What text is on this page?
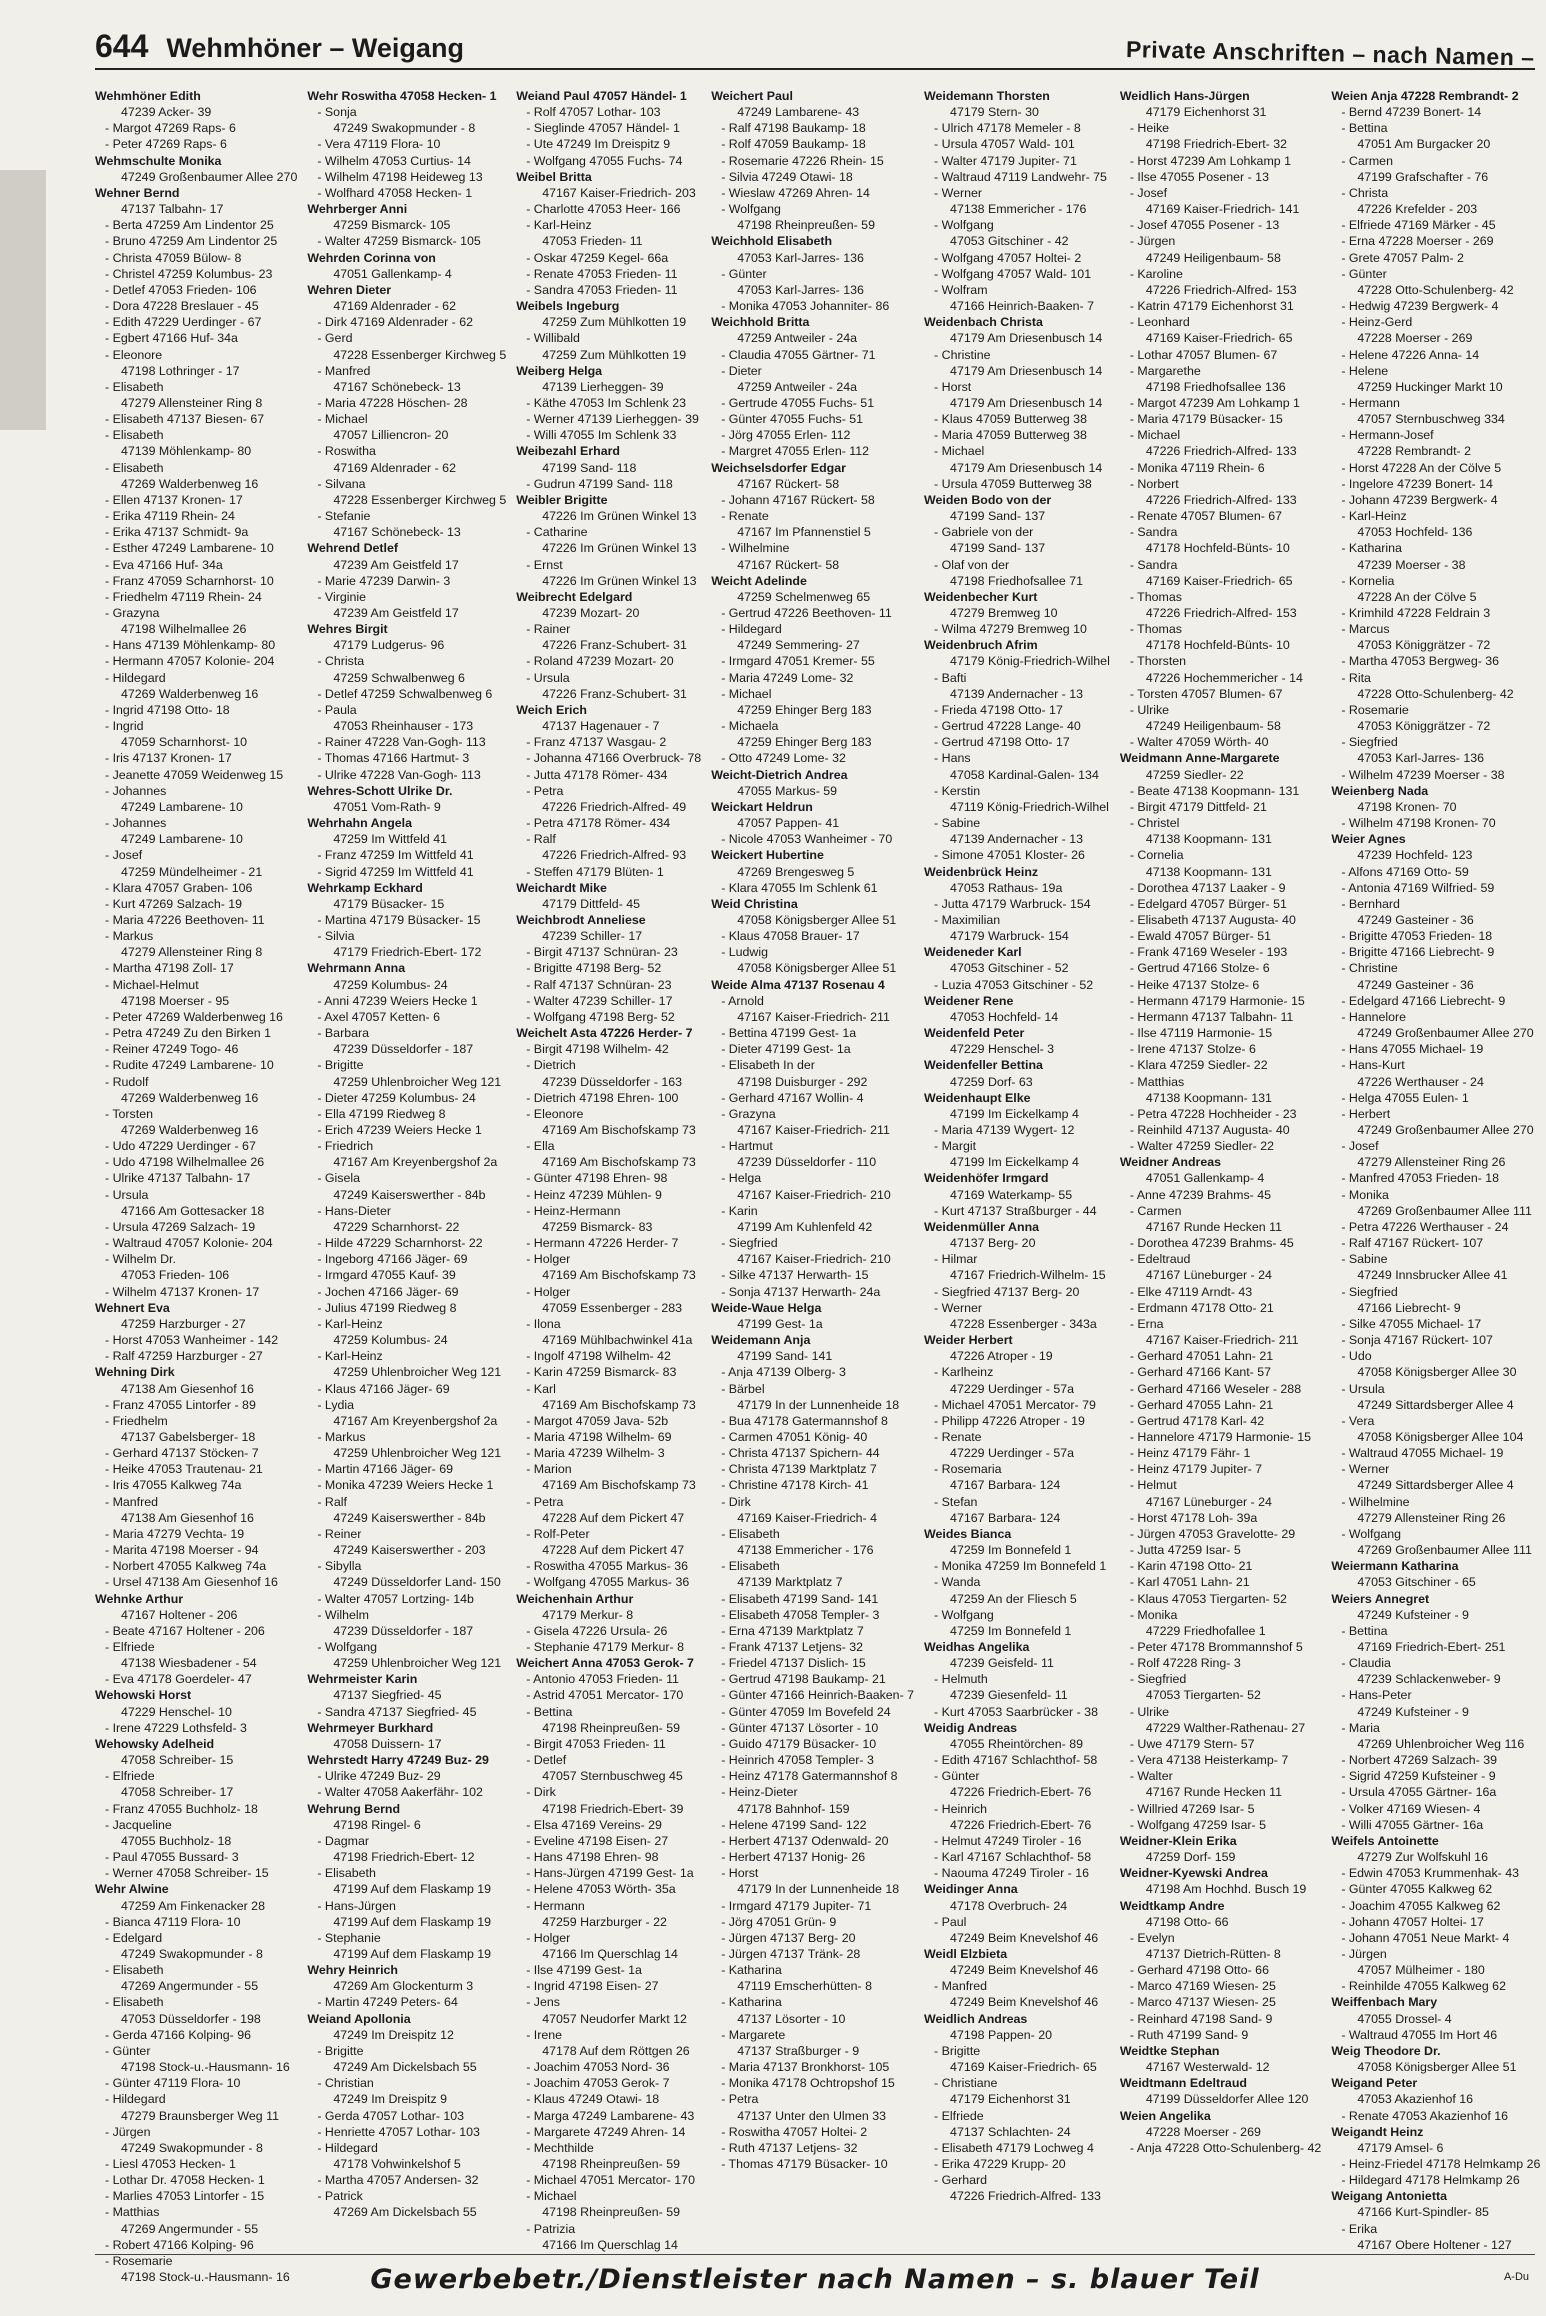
644 Wehmhöner – Weigang	Private Anschriften – nach Namen –
Wehmhöner Edith
47239 Acker- 39
- Margot 47269 Raps- 6
- Peter 47269 Raps- 6
Wehmschulte Monika
47249 Großenbaumer Allee 270
Wehner Bernd
47137 Talbahn- 17
- Berta 47259 Am Lindentor 25
- Bruno 47259 Am Lindentor 25
- Christa 47059 Bülow- 8
- Christel 47259 Kolumbus- 23
- Detlef 47053 Frieden- 106
- Dora 47228 Breslauer - 45
- Edith 47229 Uerdinger - 67
- Egbert 47166 Huf- 34a
- Eleonore
47198 Lothringer - 17
- Elisabeth
47279 Allensteiner Ring 8
- Elisabeth 47137 Biesen- 67
- Elisabeth
47139 Möhlenkamp- 80
- Elisabeth
47269 Walderbenweg 16
- Ellen 47137 Kronen- 17
- Erika 47119 Rhein- 24
- Erika 47137 Schmidt- 9a
- Esther 47249 Lambarene- 10
- Eva 47166 Huf- 34a
- Franz 47059 Scharnhorst- 10
- Friedhelm 47119 Rhein- 24
- Grazyna
47198 Wilhelmallee 26
- Hans 47139 Möhlenkamp- 80
- Hermann 47057 Kolonie- 204
- Hildegard
47269 Walderbenweg 16
- Ingrid 47198 Otto- 18
- Ingrid
47059 Scharnhorst- 10
- Iris 47137 Kronen- 17
- Jeanette 47059 Weidenweg 15
- Johannes
47249 Lambarene- 10
- Johannes
47249 Lambarene- 10
- Josef
47259 Mündelheimer - 21
- Klara 47057 Graben- 106
- Kurt 47269 Salzach- 19
- Maria 47226 Beethoven- 11
- Markus
47279 Allensteiner Ring 8
- Martha 47198 Zoll- 17
- Michael-Helmut
47198 Moerser - 95
- Peter 47269 Walderbenweg 16
- Petra 47249 Zu den Birken 1
- Reiner 47249 Togo- 46
- Rudite 47249 Lambarene- 10
- Rudolf
47269 Walderbenweg 16
- Torsten
47269 Walderbenweg 16
- Udo 47229 Uerdinger - 67
- Udo 47198 Wilhelmallee 26
- Ulrike 47137 Talbahn- 17
- Ursula
47166 Am Gottesacker 18
- Ursula 47269 Salzach- 19
- Waltraud 47057 Kolonie- 204
- Wilhelm Dr.
47053 Frieden- 106
- Wilhelm 47137 Kronen- 17
Wehnert Eva
47259 Harzburger - 27
- Horst 47053 Wanheimer - 142
- Ralf 47259 Harzburger - 27
Wehning Dirk
47138 Am Giesenhof 16
- Franz 47055 Lintorfer - 89
- Friedhelm
47137 Gabelsberger- 18
- Gerhard 47137 Stöcken- 7
- Heike 47053 Trautenau- 21
- Iris 47055 Kalkweg 74a
- Manfred
47138 Am Giesenhof 16
- Maria 47279 Vechta- 19
- Marita 47198 Moerser - 94
- Norbert 47055 Kalkweg 74a
- Ursel 47138 Am Giesenhof 16
Wehnke Arthur
47167 Holtener - 206
- Beate 47167 Holtener - 206
- Elfriede
47138 Wiesbadener - 54
- Eva 47178 Goerdeler- 47
Wehowski Horst
47229 Henschel- 10
- Irene 47229 Lothsfeld- 3
Wehowsky Adelheid
47058 Schreiber- 15
- Elfriede
47058 Schreiber- 17
- Franz 47055 Buchholz- 18
- Jacqueline
47055 Buchholz- 18
- Paul 47055 Bussard- 3
- Werner 47058 Schreiber- 15
Wehr Alwine
47259 Am Finkenacker 28
- Bianca 47119 Flora- 10
- Edelgard
47249 Swakopmunder - 8
- Elisabeth
47269 Angermunder - 55
- Elisabeth
47053 Düsseldorfer - 198
- Gerda 47166 Kolping- 96
- Günter
47198 Stock-u.-Hausmann- 16
- Günter 47119 Flora- 10
- Hildegard
47279 Braunsberger Weg 11
- Jürgen
47249 Swakopmunder - 8
- Liesl 47053 Hecken- 1
- Lothar Dr. 47058 Hecken- 1
- Marlies 47053 Lintorfer - 15
- Matthias
47269 Angermunder - 55
- Robert 47166 Kolping- 96
- Rosemarie
47198 Stock-u.-Hausmann- 16
Wehr Roswitha 47058 Hecken- 1
- Sonja
47249 Swakopmunder - 8
- Vera 47119 Flora- 10
- Wilhelm 47053 Curtius- 14
- Wilhelm 47198 Heideweg 13
- Wolfhard 47058 Hecken- 1
Wehrberger Anni
47259 Bismarck- 105
- Walter 47259 Bismarck- 105
Wehrden Corinna von
47051 Gallenkamp- 4
Wehren Dieter
47169 Aldenrader - 62
- Dirk 47169 Aldenrader - 62
- Gerd
47228 Essenberger Kirchweg 5
- Manfred
47167 Schönebeck- 13
- Maria 47228 Höschen- 28
- Michael
47057 Lilliencron- 20
- Roswitha
47169 Aldenrader - 62
- Silvana
47228 Essenberger Kirchweg 5
- Stefanie
47167 Schönebeck- 13
Wehrend Detlef
47239 Am Geistfeld 17
- Marie 47239 Darwin- 3
- Virginie
47239 Am Geistfeld 17
Wehres Birgit
47179 Ludgerus- 96
- Christa
47259 Schwalbenweg 6
- Detlef 47259 Schwalbenweg 6
- Paula
47053 Rheinhauser - 173
- Rainer 47228 Van-Gogh- 113
- Thomas 47166 Hartmut- 3
- Ulrike 47228 Van-Gogh- 113
Wehres-Schott Ulrike Dr.
47051 Vom-Rath- 9
Wehrhahn Angela
47259 Im Wittfeld 41
- Franz 47259 Im Wittfeld 41
- Sigrid 47259 Im Wittfeld 41
Wehrkamp Eckhard
47179 Büsacker- 15
- Martina 47179 Büsacker- 15
- Silvia
47179 Friedrich-Ebert- 172
Wehrmann Anna
47259 Kolumbus- 24
- Anni 47239 Weiers Hecke 1
- Axel 47057 Ketten- 6
- Barbara
47239 Düsseldorfer - 187
- Brigitte
47259 Uhlenbroicher Weg 121
- Dieter 47259 Kolumbus- 24
- Ella 47199 Riedweg 8
- Erich 47239 Weiers Hecke 1
- Friedrich
47167 Am Kreyenbergshof 2a
- Gisela
47249 Kaiserswerther - 84b
- Hans-Dieter
47229 Scharnhorst- 22
- Hilde 47229 Scharnhorst- 22
- Ingeborg 47166 Jäger- 69
- Irmgard 47055 Kauf- 39
- Jochen 47166 Jäger- 69
- Julius 47199 Riedweg 8
- Karl-Heinz
47259 Kolumbus- 24
- Karl-Heinz
47259 Uhlenbroicher Weg 121
- Klaus 47166 Jäger- 69
- Lydia
47167 Am Kreyenbergshof 2a
- Markus
47259 Uhlenbroicher Weg 121
- Martin 47166 Jäger- 69
- Monika 47239 Weiers Hecke 1
- Ralf
47249 Kaiserswerther - 84b
- Reiner
47249 Kaiserswerther - 203
- Sibylla
47249 Düsseldorfer Land- 150
- Walter 47057 Lortzing- 14b
- Wilhelm
47239 Düsseldorfer - 187
- Wolfgang
47259 Uhlenbroicher Weg 121
Wehrmeister Karin
47137 Siegfried- 45
- Sandra 47137 Siegfried- 45
Wehrmeyer Burkhard
47058 Duissern- 17
Wehrstedt Harry 47249 Buz- 29
- Ulrike 47249 Buz- 29
- Walter 47058 Aakerfähr- 102
Wehrung Bernd
47198 Ringel- 6
- Dagmar
47198 Friedrich-Ebert- 12
- Elisabeth
47199 Auf dem Flaskamp 19
- Hans-Jürgen
47199 Auf dem Flaskamp 19
- Stephanie
47199 Auf dem Flaskamp 19
Wehry Heinrich
47269 Am Glockenturm 3
- Martin 47249 Peters- 64
Weiand Apollonia
47249 Im Dreispitz 12
- Brigitte
47249 Am Dickelsbach 55
- Christian
47249 Im Dreispitz 9
- Gerda 47057 Lothar- 103
- Henriette 47057 Lothar- 103
- Hildegard
47178 Vohwinkelshof 5
- Martha 47057 Andersen- 32
- Patrick
47269 Am Dickelsbach 55
Weiand Paul 47057 Händel- 1
- Rolf 47057 Lothar- 103
- Sieglinde 47057 Händel- 1
- Ute 47249 Im Dreispitz 9
- Wolfgang 47055 Fuchs- 74
Weibel Britta
47167 Kaiser-Friedrich- 203
- Charlotte 47053 Heer- 166
- Karl-Heinz
47053 Frieden- 11
- Oskar 47259 Kegel- 66a
- Renate 47053 Frieden- 11
- Sandra 47053 Frieden- 11
Weibels Ingeburg
47259 Zum Mühlkotten 19
- Willibald
47259 Zum Mühlkotten 19
Weiberg Helga
47139 Lierheggen- 39
- Käthe 47053 Im Schlenk 23
- Werner 47139 Lierheggen- 39
- Willi 47055 Im Schlenk 33
Weibezahl Erhard
47199 Sand- 118
- Gudrun 47199 Sand- 118
Weibler Brigitte
47226 Im Grünen Winkel 13
- Catharine
47226 Im Grünen Winkel 13
- Ernst
47226 Im Grünen Winkel 13
Weibrecht Edelgard
47239 Mozart- 20
- Rainer
47226 Franz-Schubert- 31
- Roland 47239 Mozart- 20
- Ursula
47226 Franz-Schubert- 31
Weich Erich
47137 Hagenauer - 7
- Franz 47137 Wasgau- 2
- Johanna 47166 Overbruck- 78
- Jutta 47178 Römer- 434
- Petra
47226 Friedrich-Alfred- 49
- Petra 47178 Römer- 434
- Ralf
47226 Friedrich-Alfred- 93
- Steffen 47179 Blüten- 1
Weichardt Mike
47179 Dittfeld- 45
Weichbrodt Anneliese
47239 Schiller- 17
- Birgit 47137 Schnüran- 23
- Brigitte 47198 Berg- 52
- Ralf 47137 Schnüran- 23
- Walter 47239 Schiller- 17
- Wolfgang 47198 Berg- 52
Weichelt Asta 47226 Herder- 7
- Birgit 47198 Wilhelm- 42
- Dietrich
47239 Düsseldorfer - 163
- Dietrich 47198 Ehren- 100
- Eleonore
47169 Am Bischofskamp 73
- Ella
47169 Am Bischofskamp 73
- Günter 47198 Ehren- 98
- Heinz 47239 Mühlen- 9
- Heinz-Hermann
47259 Bismarck- 83
- Hermann 47226 Herder- 7
- Holger
47169 Am Bischofskamp 73
- Holger
47059 Essenberger - 283
- Ilona
47169 Mühlbachwinkel 41a
- Ingolf 47198 Wilhelm- 42
- Karin 47259 Bismarck- 83
- Karl
47169 Am Bischofskamp 73
- Margot 47059 Java- 52b
- Maria 47198 Wilhelm- 69
- Maria 47239 Wilhelm- 3
- Marion
47169 Am Bischofskamp 73
- Petra
47228 Auf dem Pickert 47
- Rolf-Peter
47228 Auf dem Pickert 47
- Roswitha 47055 Markus- 36
- Wolfgang 47055 Markus- 36
Weichenhain Arthur
47179 Merkur- 8
- Gisela 47226 Ursula- 26
- Stephanie 47179 Merkur- 8
Weichert Anna 47053 Gerok- 7
- Antonio 47053 Frieden- 11
- Astrid 47051 Mercator- 170
- Bettina
47198 Rheinpreußen- 59
- Birgit 47053 Frieden- 11
- Detlef
47057 Sternbuschweg 45
- Dirk
47198 Friedrich-Ebert- 39
- Elsa 47169 Vereins- 29
- Eveline 47198 Eisen- 27
- Hans 47198 Ehren- 98
- Hans-Jürgen 47199 Gest- 1a
- Helene 47053 Wörth- 35a
- Hermann
47259 Harzburger - 22
- Holger
47166 Im Querschlag 14
- Ilse 47199 Gest- 1a
- Ingrid 47198 Eisen- 27
- Jens
47057 Neudorfer Markt 12
- Irene
47178 Auf dem Röttgen 26
- Joachim 47053 Nord- 36
- Joachim 47053 Gerok- 7
- Klaus 47249 Otawi- 18
- Marga 47249 Lambarene- 43
- Margarete 47249 Ahren- 14
- Mechthilde
47198 Rheinpreußen- 59
- Michael 47051 Mercator- 170
- Michael
47198 Rheinpreußen- 59
- Patrizia
47166 Im Querschlag 14
Weichert Paul
47249 Lambarene- 43
- Ralf 47198 Baukamp- 18
- Rolf 47059 Baukamp- 18
- Rosemarie 47226 Rhein- 15
- Silvia 47249 Otawi- 18
- Wieslaw 47269 Ahren- 14
- Wolfgang
47198 Rheinpreußen- 59
Weichhold Elisabeth
47053 Karl-Jarres- 136
- Günter
47053 Karl-Jarres- 136
- Monika 47053 Johanniter- 86
Weichhold Britta
47259 Antweiler - 24a
- Claudia 47055 Gärtner- 71
- Dieter
47259 Antweiler - 24a
- Gertrude 47055 Fuchs- 51
- Günter 47055 Fuchs- 51
- Jörg 47055 Erlen- 112
- Margret 47055 Erlen- 112
Weichselsdorfer Edgar
47167 Rückert- 58
- Johann 47167 Rückert- 58
- Renate
47167 Im Pfannenstiel 5
- Wilhelmine
47167 Rückert- 58
Weicht Adelinde
47259 Schelmenweg 65
- Gertrud 47226 Beethoven- 11
- Hildegard
47249 Semmering- 27
- Irmgard 47051 Kremer- 55
- Maria 47249 Lome- 32
- Michael
47259 Ehinger Berg 183
- Michaela
47259 Ehinger Berg 183
- Otto 47249 Lome- 32
Weicht-Dietrich Andrea
47055 Markus- 59
Weickart Heldrun
47057 Pappen- 41
- Nicole 47053 Wanheimer - 70
Weickert Hubertine
47269 Brengesweg 5
- Klara 47055 Im Schlenk 61
Weid Christina
47058 Königsberger Allee 51
- Klaus 47058 Brauer- 17
- Ludwig
47058 Königsberger Allee 51
Weide Alma 47137 Rosenau 4
- Arnold
47167 Kaiser-Friedrich- 211
- Bettina 47199 Gest- 1a
- Dieter 47199 Gest- 1a
- Elisabeth In der
47198 Duisburger - 292
- Gerhard 47167 Wollin- 4
- Grazyna
47167 Kaiser-Friedrich- 211
- Hartmut
47239 Düsseldorfer - 110
- Helga
47167 Kaiser-Friedrich- 210
- Karin
47199 Am Kuhlenfeld 42
- Siegfried
47167 Kaiser-Friedrich- 210
- Silke 47137 Herwarth- 15
- Sonja 47137 Herwarth- 24a
Weide-Waue Helga
47199 Gest- 1a
Weidemann Anja
47199 Sand- 141
- Anja 47139 Olberg- 3
- Bärbel
47179 In der Lunnenheide 18
- Bua 47178 Gatermannshof 8
- Carmen 47051 König- 40
- Christa 47137 Spichern- 44
- Christa 47139 Marktplatz 7
- Christine 47178 Kirch- 41
- Dirk
47169 Kaiser-Friedrich- 4
- Elisabeth
47138 Emmericher - 176
- Elisabeth
47139 Marktplatz 7
- Elisabeth 47199 Sand- 141
- Elisabeth 47058 Templer- 3
- Erna 47139 Marktplatz 7
- Frank 47137 Letjens- 32
- Friedel 47137 Dislich- 15
- Gertrud 47198 Baukamp- 21
- Günter 47166 Heinrich-Baaken- 7
- Günter 47059 Im Bovefeld 24
- Günter 47137 Lösorter - 10
- Guido 47179 Büsacker- 10
- Heinrich 47058 Templer- 3
- Heinz 47178 Gatermannshof 8
- Heinz-Dieter
47178 Bahnhof- 159
- Helene 47199 Sand- 122
- Herbert 47137 Odenwald- 20
- Herbert 47137 Honig- 26
- Horst
47179 In der Lunnenheide 18
- Irmgard 47179 Jupiter- 71
- Jörg 47051 Grün- 9
- Jürgen 47137 Berg- 20
- Jürgen 47137 Tränk- 28
- Katharina
47119 Emscherhütten- 8
- Katharina
47137 Lösorter - 10
- Margarete
47137 Straßburger - 9
- Maria 47137 Bronkhorst- 105
- Monika 47178 Ochtropshof 15
- Petra
47137 Unter den Ulmen 33
- Roswitha 47057 Holtei- 2
- Ruth 47137 Letjens- 32
- Thomas 47179 Büsacker- 10
Weidemann Thorsten
47179 Stern- 30
- Ulrich 47178 Memeler - 8
- Ursula 47057 Wald- 101
- Walter 47179 Jupiter- 71
- Waltraud 47119 Landwehr- 75
- Werner
47138 Emmericher - 176
- Wolfgang
47053 Gitschiner - 42
- Wolfgang 47057 Holtei- 2
- Wolfgang 47057 Wald- 101
- Wolfram
47166 Heinrich-Baaken- 7
Weidenbach Christa
47179 Am Driesenbusch 14
- Christine
47179 Am Driesenbusch 14
- Horst
47179 Am Driesenbusch 14
- Klaus 47059 Butterweg 38
- Maria 47059 Butterweg 38
- Michael
47179 Am Driesenbusch 14
- Ursula 47059 Butterweg 38
Weiden Bodo von der
47199 Sand- 137
- Gabriele von der
47199 Sand- 137
- Olaf von der
47198 Friedhofsallee 71
Weidenbecher Kurt
47279 Bremweg 10
- Wilma 47279 Bremweg 10
Weidenbruch Afrim
47179 König-Friedrich-Wilhel
- Bafti
47139 Andernacher - 13
- Frieda 47198 Otto- 17
- Gertrud 47228 Lange- 40
- Gertrud 47198 Otto- 17
- Hans
47058 Kardinal-Galen- 134
- Kerstin
47119 König-Friedrich-Wilhel
- Sabine
47139 Andernacher - 13
- Simone 47051 Kloster- 26
Weidenbrück Heinz
47053 Rathaus- 19a
- Jutta 47179 Warbruck- 154
- Maximilian
47179 Warbruck- 154
Weideneder Karl
47053 Gitschiner - 52
- Luzia 47053 Gitschiner - 52
Weidener Rene
47053 Hochfeld- 14
Weidenfeld Peter
47229 Henschel- 3
Weidenfeller Bettina
47259 Dorf- 63
Weidenhaupt Elke
47199 Im Eickelkamp 4
- Maria 47139 Wygert- 12
- Margit
47199 Im Eickelkamp 4
Weidenhöfer Irmgard
47169 Waterkamp- 55
- Kurt 47137 Straßburger - 44
Weidenmüller Anna
47137 Berg- 20
- Hilmar
47167 Friedrich-Wilhelm- 15
- Siegfried 47137 Berg- 20
- Werner
47228 Essenberger - 343a
Weider Herbert
47226 Atroper - 19
- Karlheinz
47229 Uerdinger - 57a
- Michael 47051 Mercator- 79
- Philipp 47226 Atroper - 19
- Renate
47229 Uerdinger - 57a
- Rosemaria
47167 Barbara- 124
- Stefan
47167 Barbara- 124
Weides Bianca
47259 Im Bonnefeld 1
- Monika 47259 Im Bonnefeld 1
- Wanda
47259 An der Fliesch 5
- Wolfgang
47259 Im Bonnefeld 1
Weidhas Angelika
47239 Geisfeld- 11
- Helmuth
47239 Giesenfeld- 11
- Kurt 47053 Saarbrücker - 38
Weidig Andreas
47055 Rheintörchen- 89
- Edith 47167 Schlachthof- 58
- Günter
47226 Friedrich-Ebert- 76
- Heinrich
47226 Friedrich-Ebert- 76
- Helmut 47249 Tiroler - 16
- Karl 47167 Schlachthof- 58
- Naouma 47249 Tiroler - 16
Weidinger Anna
47178 Overbruch- 24
- Paul
47249 Beim Knevelshof 46
Weidl Elzbieta
47249 Beim Knevelshof 46
- Manfred
47249 Beim Knevelshof 46
Weidlich Andreas
47198 Pappen- 20
- Brigitte
47169 Kaiser-Friedrich- 65
- Christiane
47179 Eichenhorst 31
- Elfriede
47137 Schlachten- 24
- Elisabeth 47179 Lochweg 4
- Erika 47229 Krupp- 20
- Gerhard
47226 Friedrich-Alfred- 133
Weidlich Hans-Jürgen
47179 Eichenhorst 31
- Heike
47198 Friedrich-Ebert- 32
- Horst 47239 Am Lohkamp 1
- Ilse 47055 Posener - 13
- Josef
47169 Kaiser-Friedrich- 141
- Josef 47055 Posener - 13
- Jürgen
47249 Heiligenbaum- 58
- Karoline
47226 Friedrich-Alfred- 153
- Katrin 47179 Eichenhorst 31
- Leonhard
47169 Kaiser-Friedrich- 65
- Lothar 47057 Blumen- 67
- Margarethe
47198 Friedhofsallee 136
- Margot 47239 Am Lohkamp 1
- Maria 47179 Büsacker- 15
- Michael
47226 Friedrich-Alfred- 133
- Monika 47119 Rhein- 6
- Norbert
47226 Friedrich-Alfred- 133
- Renate 47057 Blumen- 67
- Sandra
47178 Hochfeld-Bünts- 10
- Sandra
47169 Kaiser-Friedrich- 65
- Thomas
47226 Friedrich-Alfred- 153
- Thomas
47178 Hochfeld-Bünts- 10
- Thorsten
47226 Hochemmericher - 14
- Torsten 47057 Blumen- 67
- Ulrike
47249 Heiligenbaum- 58
- Walter 47059 Wörth- 40
Weidmann Anne-Margarete
47259 Siedler- 22
- Beate 47138 Koopmann- 131
- Birgit 47179 Dittfeld- 21
- Christel
47138 Koopmann- 131
- Cornelia
47138 Koopmann- 131
- Dorothea 47137 Laaker - 9
- Edelgard 47057 Bürger- 51
- Elisabeth 47137 Augusta- 40
- Ewald 47057 Bürger- 51
- Frank 47169 Weseler - 193
- Gertrud 47166 Stolze- 6
- Heike 47137 Stolze- 6
- Hermann 47179 Harmonie- 15
- Hermann 47137 Talbahn- 11
- Ilse 47119 Harmonie- 15
- Irene 47137 Stolze- 6
- Klara 47259 Siedler- 22
- Matthias
47138 Koopmann- 131
- Petra 47228 Hochheider - 23
- Reinhild 47137 Augusta- 40
- Walter 47259 Siedler- 22
Weidner Andreas
47051 Gallenkamp- 4
- Anne 47239 Brahms- 45
- Carmen
47167 Runde Hecken 11
- Dorothea 47239 Brahms- 45
- Edeltraud
47167 Lüneburger - 24
- Elke 47119 Arndt- 43
- Erdmann 47178 Otto- 21
- Erna
47167 Kaiser-Friedrich- 211
- Gerhard 47051 Lahn- 21
- Gerhard 47166 Kant- 57
- Gerhard 47166 Weseler - 288
- Gerhard 47055 Lahn- 21
- Gertrud 47178 Karl- 42
- Hannelore 47179 Harmonie- 15
- Heinz 47179 Fähr- 1
- Heinz 47179 Jupiter- 7
- Helmut
47167 Lüneburger - 24
- Horst 47178 Loh- 39a
- Jürgen 47053 Gravelotte- 29
- Jutta 47259 Isar- 5
- Karin 47198 Otto- 21
- Karl 47051 Lahn- 21
- Klaus 47053 Tiergarten- 52
- Monika
47229 Friedhofallee 1
- Peter 47178 Brommannshof 5
- Rolf 47228 Ring- 3
- Siegfried
47053 Tiergarten- 52
- Ulrike
47229 Walther-Rathenau- 27
- Uwe 47179 Stern- 57
- Vera 47138 Heisterkamp- 7
- Walter
47167 Runde Hecken 11
- Willried 47269 Isar- 5
- Wolfgang 47259 Isar- 5
Weidner-Klein Erika
47259 Dorf- 159
Weidner-Kyewski Andrea
47198 Am Hochhd. Busch 19
Weidtkamp Andre
47198 Otto- 66
- Evelyn
47137 Dietrich-Rütten- 8
- Gerhard 47198 Otto- 66
- Marco 47169 Wiesen- 25
- Marco 47137 Wiesen- 25
- Reinhard 47198 Sand- 9
- Ruth 47199 Sand- 9
Weidtke Stephan
47167 Westerwald- 12
Weidtmann Edeltraud
47199 Düsseldorfer Allee 120
Weien Angelika
47228 Moerser - 269
- Anja 47228 Otto-Schulenberg- 42
Weien Anja 47228 Rembrandt- 2
- Bernd 47239 Bonert- 14
- Bettina
47051 Am Burgacker 20
- Carmen
47199 Grafschafter - 76
- Christa
47226 Krefelder - 203
- Elfriede 47169 Märker - 45
- Erna 47228 Moerser - 269
- Grete 47057 Palm- 2
- Günter
47228 Otto-Schulenberg- 42
- Hedwig 47239 Bergwerk- 4
- Heinz-Gerd
47228 Moerser - 269
- Helene 47226 Anna- 14
- Helene
47259 Huckinger Markt 10
- Hermann
47057 Sternbuschweg 334
- Hermann-Josef
47228 Rembrandt- 2
- Horst 47228 An der Cölve 5
- Ingelore 47239 Bonert- 14
- Johann 47239 Bergwerk- 4
- Karl-Heinz
47053 Hochfeld- 136
- Katharina
47239 Moerser - 38
- Kornelia
47228 An der Cölve 5
- Krimhild 47228 Feldrain 3
- Marcus
47053 Königgrätzer - 72
- Martha 47053 Bergweg- 36
- Rita
47228 Otto-Schulenberg- 42
- Rosemarie
47053 Königgrätzer - 72
- Siegfried
47053 Karl-Jarres- 136
- Wilhelm 47239 Moerser - 38
Weienberg Nada
47198 Kronen- 70
- Wilhelm 47198 Kronen- 70
Weier Agnes
47239 Hochfeld- 123
- Alfons 47169 Otto- 59
- Antonia 47169 Wilfried- 59
- Bernhard
47249 Gasteiner - 36
- Brigitte 47053 Frieden- 18
- Brigitte 47166 Liebrecht- 9
- Christine
47249 Gasteiner - 36
- Edelgard 47166 Liebrecht- 9
- Hannelore
47249 Großenbaumer Allee 270
- Hans 47055 Michael- 19
- Hans-Kurt
47226 Werthauser - 24
- Helga 47055 Eulen- 1
- Herbert
47249 Großenbaumer Allee 270
- Josef
47279 Allensteiner Ring 26
- Manfred 47053 Frieden- 18
- Monika
47269 Großenbaumer Allee 111
- Petra 47226 Werthauser - 24
- Ralf 47167 Rückert- 107
- Sabine
47249 Innsbrucker Allee 41
- Siegfried
47166 Liebrecht- 9
- Silke 47055 Michael- 17
- Sonja 47167 Rückert- 107
- Udo
47058 Königsberger Allee 30
- Ursula
47249 Sittardsberger Allee 4
- Vera
47058 Königsberger Allee 104
- Waltraud 47055 Michael- 19
- Werner
47249 Sittardsberger Allee 4
- Wilhelmine
47279 Allensteiner Ring 26
- Wolfgang
47269 Großenbaumer Allee 111
Weiermann Katharina
47053 Gitschiner - 65
Weiers Annegret
47249 Kufsteiner - 9
- Bettina
47169 Friedrich-Ebert- 251
- Claudia
47239 Schlackenweber- 9
- Hans-Peter
47249 Kufsteiner - 9
- Maria
47269 Uhlenbroicher Weg 116
- Norbert 47269 Salzach- 39
- Sigrid 47259 Kufsteiner - 9
- Ursula 47055 Gärtner- 16a
- Volker 47169 Wiesen- 4
- Willi 47055 Gärtner- 16a
Weifels Antoinette
47279 Zur Wolfskuhl 16
- Edwin 47053 Krummenhak- 43
- Günter 47055 Kalkweg 62
- Joachim 47055 Kalkweg 62
- Johann 47057 Holtei- 17
- Johann 47051 Neue Markt- 4
- Jürgen
47057 Mülheimer - 180
- Reinhilde 47055 Kalkweg 62
Weiffenbach Mary
47055 Drossel- 4
- Waltraud 47055 Im Hort 46
Weig Theodore Dr.
47058 Königsberger Allee 51
Weigand Peter
47053 Akazienhof 16
- Renate 47053 Akazienhof 16
Weigandt Heinz
47179 Amsel- 6
- Heinz-Friedel 47178 Helmkamp 26
- Hildegard 47178 Helmkamp 26
Weigang Antonietta
47166 Kurt-Spindler- 85
- Erika
47167 Obere Holtener - 127
Gewerbebetr./Dienstleister nach Namen – s. blauer Teil	A-Du
